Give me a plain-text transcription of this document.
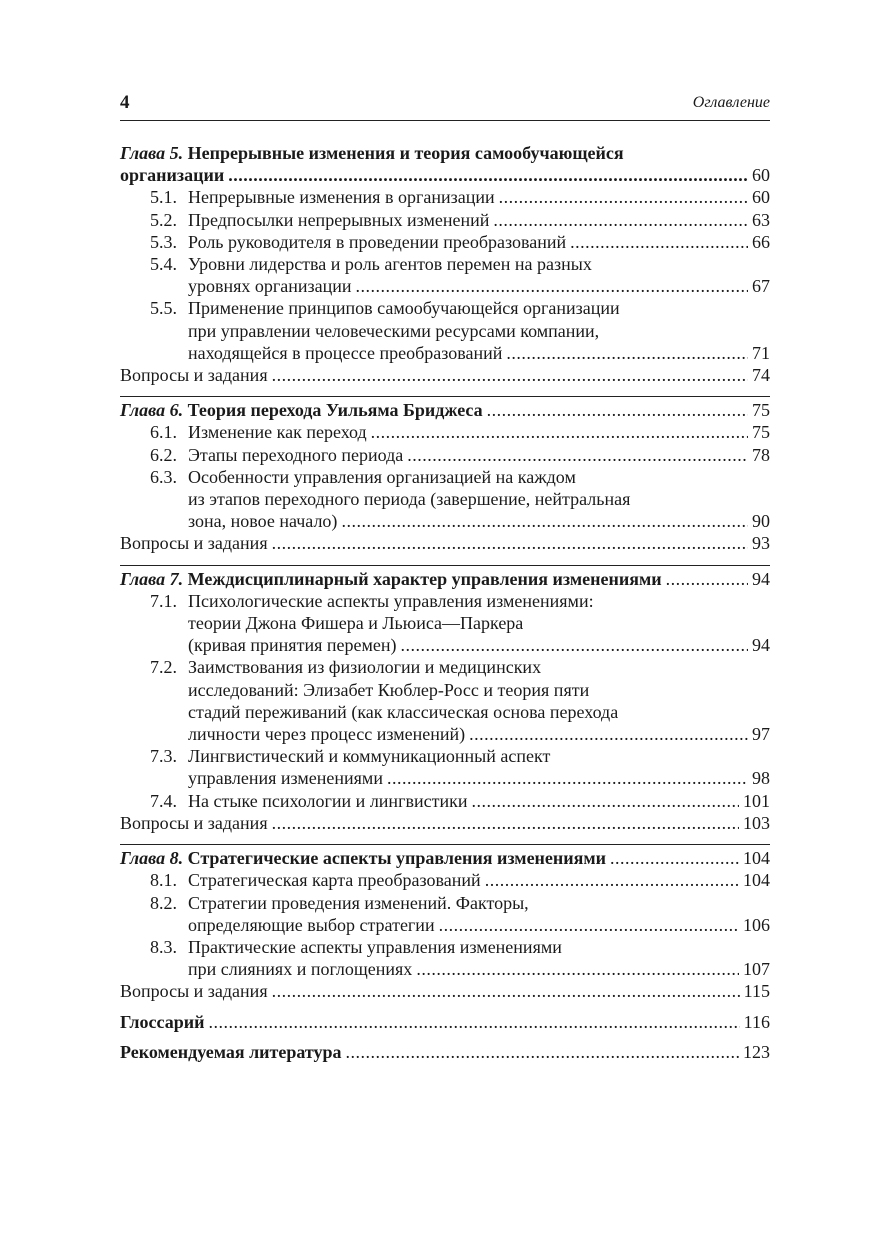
4	Оглавление
Глава 5. Непрерывные изменения и теория самообучающейся
организации .....	60
5.1. Непрерывные изменения в организации .....	60
5.2. Предпосылки непрерывных изменений .....	63
5.3. Роль руководителя в проведении преобразований .....	66
5.4. Уровни лидерства и роль агентов перемен на разных
уровнях организации .....	67
5.5. Применение принципов самообучающейся организации
при управлении человеческими ресурсами компании,
находящейся в процессе преобразований .....	71
Вопросы и задания .....	74
Глава 6. Теория перехода Уильяма Бриджеса .....	75
6.1. Изменение как переход .....	75
6.2. Этапы переходного периода .....	78
6.3. Особенности управления организацией на каждом
из этапов переходного периода (завершение, нейтральная
зона, новое начало) .....	90
Вопросы и задания .....	93
Глава 7. Междисциплинарный характер управления изменениями .....	94
7.1. Психологические аспекты управления изменениями:
теории Джона Фишера и Льюиса—Паркера
(кривая принятия перемен) .....	94
7.2. Заимствования из физиологии и медицинских
исследований: Элизабет Кюблер-Росс и теория пяти
стадий переживаний (как классическая основа перехода
личности через процесс изменений) .....	97
7.3. Лингвистический и коммуникационный аспект
управления изменениями .....	98
7.4. На стыке психологии и лингвистики .....	101
Вопросы и задания .....	103
Глава 8. Стратегические аспекты управления изменениями .....	104
8.1. Стратегическая карта преобразований .....	104
8.2. Стратегии проведения изменений. Факторы,
определяющие выбор стратегии .....	106
8.3. Практические аспекты управления изменениями
при слияниях и поглощениях .....	107
Вопросы и задания .....	115
Глоссарий .....	116
Рекомендуемая литература .....	123
